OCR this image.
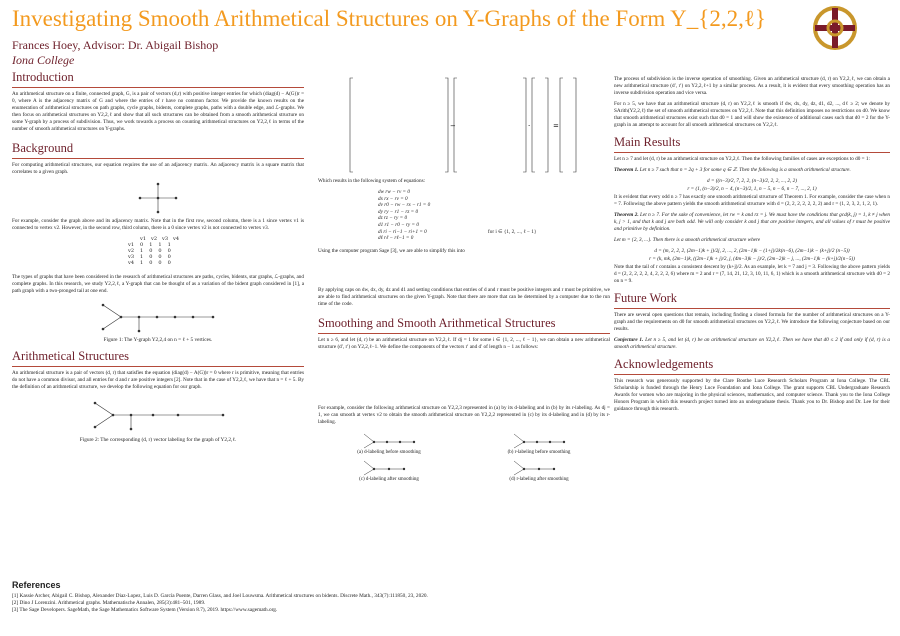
Investigating Smooth Arithmetical Structures on Y-Graphs of the Form Y_{2,2,ℓ}
Frances Hoey, Advisor: Dr. Abigail Bishop
Iona College
Introduction

An arithmetical structure on a finite, connected graph, G, is a pair of vectors (d,r) with positive integer entries for which (diag(d) − A(G))r = 0, where A is the adjacency matrix of G and where the entries of r have no common factor. We provide the known results on the enumeration of arithmetical structures on path graphs, cycle graphs, bidents, complete graphs, paths with a double edge, and ℒ-graphs. We then focus on arithmetical structures on Y2,2,ℓ and show that all such structures can be obtained from a smooth arithmetical structure on some Y-graph by a process of subdivision. Thus, we work towards a process on counting arithmetical structures on Y2,2,ℓ in terms of the number of smooth arithmetical structures on Y-graphs.

Background

For computing arithmetical structures, our equation requires the use of an adjacency matrix. An adjacency matrix is a square matrix that correlates to a given graph.

For example, consider the graph above and its adjacency matrix. Note that in the first row, second column, there is a 1 since vertex v1 is connected to vertex v2. However, in the second row, third column, there is a 0 since vertex v2 is not connected to vertex v3.

v1 v2 v3 v4
v1 0 1 1 1
v2 1 0 0 0
v3 1 0 0 0
v4 1 0 0 0

The types of graphs that have been considered in the research of arithmetical structures are paths, cycles, bidents, star graphs, ℒ-graphs, and complete graphs. In this research, we study Y2,2,ℓ, a Y-graph that can be thought of as a variation of the bident graph considered in [1], a path graph with a two-pronged tail at one end.

Figure 1: The Y-graph Y2,2,4 on n = ℓ + 5 vertices.
Arithmetical Structures

An arithmetical structure is a pair of vectors (d, r) that satisfies the equation (diag(d) − A(G))r = 0 where r is primitive, meaning that entries do not have a common divisor, and all entries for d and r are positive integers [2]. Note that in the case of Y2,2,ℓ, we have that n = ℓ + 5. By the definition of an arithmetical structure, we develop the following equation for our graph.

Figure 2: The corresponding (d, r) vector labeling for the graph of Y2,2,ℓ.
=
−	·

Which results in the following system of equations:

dw rw − rv = 0
dx rx − rv = 0
dv r0 − rw − rx − r1 = 0
dy ry − r1 − rz = 0
dz rz − ry = 0
d1 r1 − r0 − ry = 0
di ri − ri−1 − ri+1 = 0
dℓ rℓ − rℓ−1 = 0
for i ∈ {1, 2, ..., ℓ − 1}

Using the computer program Sage [3], we are able to simplify this into

By applying caps on dw, dx, dy, dz and d1 and setting conditions that entries of d and r must be positive integers and r must be primitive, we are able to find arithmetical structures on the given Y-graph. Note that there are more that can be determined by a computer due to the run time of the code.

Smoothing and Smooth Arithmetical Structures

Let n ≥ 6, and let (d, r) be an arithmetical structure on Y2,2,ℓ. If dj = 1 for some i ∈ {1, 2, ..., ℓ − 1}, we can obtain a new arithmetical structure (d′, r′) on Y2,2,ℓ−1. We define the components of the vectors r′ and d′ of length n − 1 as follows:

For example, consider the following arithmetical structure on Y2,2,3 represented in (a) by its d-labeling and in (b) by its r-labeling. As dj = 1, we can smooth at vertex v2 to obtain the smooth arithmetical structure on Y2,2,2 represented in (c) by its d-labeling and in (d) by its r-labeling.

(a) d-labeling before smoothing	(b) r-labeling before smoothing
(c) d-labeling after smoothing	(d) r-labeling after smoothing

The process of subdivision is the inverse operation of smoothing. Given an arithmetical structure (d, r) on Y2,2,ℓ, we can obtain a new arithmetical structure (d′, r′) on Y2,2,ℓ+1 by a similar process. As a result, it is evident that every smoothing operation has an inverse subdivision operation and vice versa.

For n ≥ 5, we have that an arithmetical structure (d, r) on Y2,2,ℓ is smooth if dw, dx, dy, dz, d1, d2, ..., dℓ ≥ 2; we denote by SArith(Y2,2,ℓ) the set of smooth arithmetical structures on Y2,2,ℓ. Note that this definition imposes no restrictions on d0. We know that smooth arithmetical structures exist such that d0 = 1 and will show the existence of additional cases such that d0 = 2 for the Y-graph in an attempt to account for all smooth arithmetical structures on Y2,2,ℓ.

Main Results

Let n ≥ 7 and let (d, r) be an arithmetical structure on Y2,2,ℓ. Then the following families of cases are exceptions to d0 = 1:

Theorem 1. Let n ≥ 7 such that n = 2q + 3 for some q ∈ ℤ. Then the following is a smooth arithmetical structure.

d = ((n−3)/2, 7, 2, 2, (n−3)/2, 2, 2, ..., 2, 2)
r = (1, (n−3)/2, n − 4, (n−3)/2, 1, n − 5, n − 6, n − 7, ..., 2, 1)

It is evident that every odd n ≥ 7 has exactly one smooth arithmetical structure of Theorem 1. For example, consider the case when n = 7. Following the above pattern yields the smooth arithmetical structure with d = (2, 2, 2, 2, 2, 2, 2) and r = (1, 2, 3, 2, 1, 2, 1).

Theorem 2. Let n ≥ 7. For the sake of convenience, let rw = k and rz = j. We must have the conditions that gcd(k, j) = 1, k ≠ j when k, j > 1, and that k and j are both odd. We will only consider k and j that are positive integers, and all values of r must be positive and primitive by definition.

Let m = {2, 3, ...}. Then there is a smooth arithmetical structure where

d = (m, 2, 2, 2, (2m−1)k + j)/2j, 2, ..., 2, (2m−1)k − (1+j)/2k(n−6), (2m−1)k − (k+j)/2 (n−5))
r = (k, mk, (2m−1)k, ((2m−1)k + j)/2, j, (4m−3)k − j)/2, (2m−2)k − j, ..., (2m−1)k − (k+j)/2(n−5))

Note that the tail of r contains a consistent descent by (k+j)/2. As an example, let k = 7 and j = 3. Following the above pattern yields d = (2, 2, 2, 2, 2, 4, 2, 2, 2, 6) where m = 2 and r = (7, 14, 21, 12, 3, 10, 11, 6, 1) which is a smooth arithmetical structure with d0 = 2 on n = 9.

Future Work

There are several open questions that remain, including finding a closed formula for the number of arithmetical structures on a Y-graph and the requirements on d0 for smooth arithmetical structures on Y2,2,ℓ. We introduce the following conjecture based on our results.

Conjecture 1. Let n ≥ 5, and let (d, r) be an arithmetical structure on Y2,2,ℓ. Then we have that d0 ≤ 2 if and only if (d, r) is a smooth arithmetical structure.

Acknowledgements

This research was generously supported by the Clare Boothe Luce Research Scholars Program at Iona College. The CBL Scholarship is funded through the Henry Luce Foundation and Iona College. The grant supports CBL Undergraduate Research Awards for women who are majoring in the physical sciences, mathematics, and computer science. Thank you to the Iona College Honors Program in which this research project turned into an undergraduate thesis. Thank you to Dr. Bishop and Dr. Lee for their guidance through this research.

References
[1] Kassie Archer, Abigail C. Bishop, Alexander Diaz-Lopez, Luis D. García Puente, Darren Glass, and Joel Louwsma. Arithmetical structures on bidents. Discrete Math., 343(7):111850, 23, 2020.
[2] Dino J Lorenzini. Arithmetical graphs. Mathematische Annalen, 285(3):481–501, 1989.
[3] The Sage Developers. SageMath, the Sage Mathematics Software System (Version 8.7), 2019. https://www.sagemath.org.
